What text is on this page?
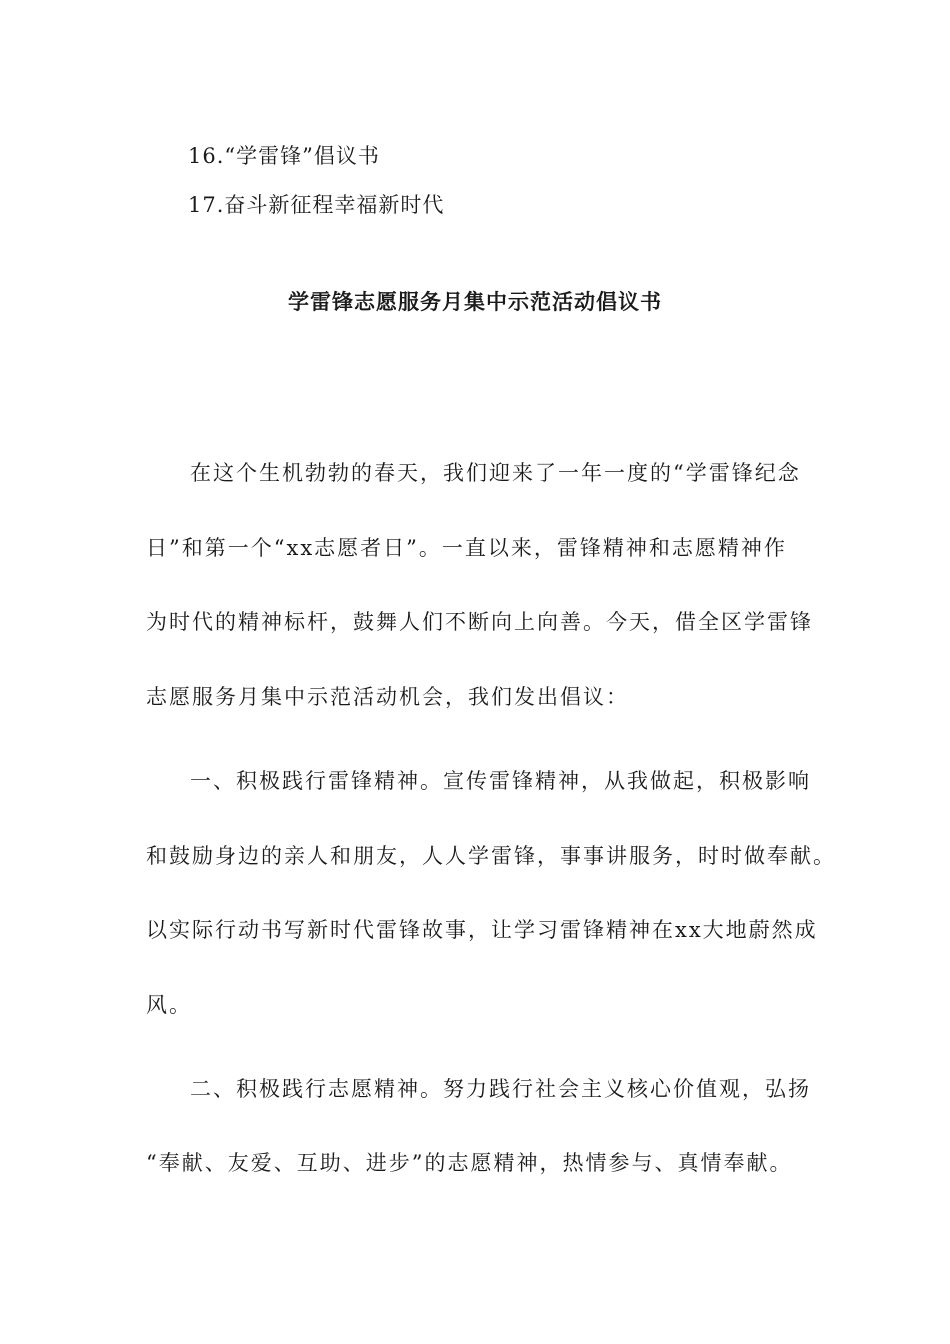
16.“学雷锋”倡议书
17.奋斗新征程幸福新时代
学雷锋志愿服务月集中示范活动倡议书
在这个生机勃勃的春天，我们迎来了一年一度的“学雷锋纪念
日”和第一个“xx志愿者日”。一直以来，雷锋精神和志愿精神作
为时代的精神标杆，鼓舞人们不断向上向善。今天，借全区学雷锋
志愿服务月集中示范活动机会，我们发出倡议：
一、积极践行雷锋精神。宣传雷锋精神，从我做起，积极影响
和鼓励身边的亲人和朋友，人人学雷锋，事事讲服务，时时做奉献。
以实际行动书写新时代雷锋故事，让学习雷锋精神在xx大地蔚然成
风。
二、积极践行志愿精神。努力践行社会主义核心价值观，弘扬
“奉献、友爱、互助、进步”的志愿精神，热情参与、真情奉献。
